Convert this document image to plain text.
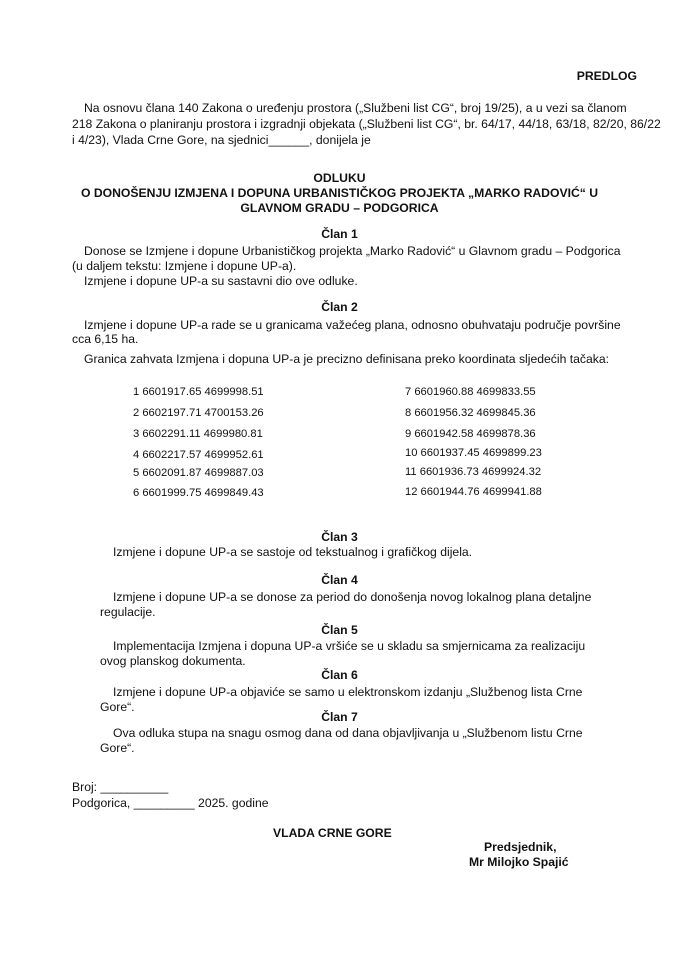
PREDLOG
Na osnovu člana 140 Zakona o uređenju prostora („Službeni list CG“, broj 19/25), a u vezi sa članom
218 Zakona o planiranju prostora i izgradnji objekata („Službeni list CG“, br. 64/17, 44/18, 63/18, 82/20, 86/22
i 4/23), Vlada Crne Gore, na sjednici______, donijela je
ODLUKU
O DONOŠENJU IZMJENA I DOPUNA URBANISTIČKOG PROJEKTA „MARKO RADOVIĆ“ U
GLAVNOM GRADU – PODGORICA
Član 1
Donose se Izmjene i dopune Urbanističkog projekta „Marko Radović“ u Glavnom gradu – Podgorica
(u daljem tekstu: Izmjene i dopune UP-a).
Izmjene i dopune UP-a su sastavni dio ove odluke.
Član 2
Izmjene i dopune UP-a rade se u granicama važećeg plana, odnosno obuhvataju područje površine
cca 6,15 ha.
Granica zahvata Izmjena i dopuna UP-a je precizno definisana preko koordinata sljedećih tačaka:
1 6601917.65 4699998.51
2 6602197.71 4700153.26
3 6602291.11 4699980.81
4 6602217.57 4699952.61
5 6602091.87 4699887.03
6 6601999.75 4699849.43
7 6601960.88 4699833.55
8 6601956.32 4699845.36
9 6601942.58 4699878.36
10 6601937.45 4699899.23
11 6601936.73 4699924.32
12 6601944.76 4699941.88
Član 3
Izmjene i dopune UP-a se sastoje od tekstualnog i grafičkog dijela.
Član 4
Izmjene i dopune UP-a se donose za period do donošenja novog lokalnog plana detaljne
regulacije.
Član 5
Implementacija Izmjena i dopuna UP-a vršiće se u skladu sa smjernicama za realizaciju
ovog planskog dokumenta.
Član 6
Izmjene i dopune UP-a objaviće se samo u elektronskom izdanju „Službenog lista Crne
Gore“.
Član 7
Ova odluka stupa na snagu osmog dana od dana objavljivanja u „Službenom listu Crne
Gore“.
Broj: __________
Podgorica, _________ 2025. godine
VLADA CRNE GORE
Predsjednik,
Mr Milojko Spajić
